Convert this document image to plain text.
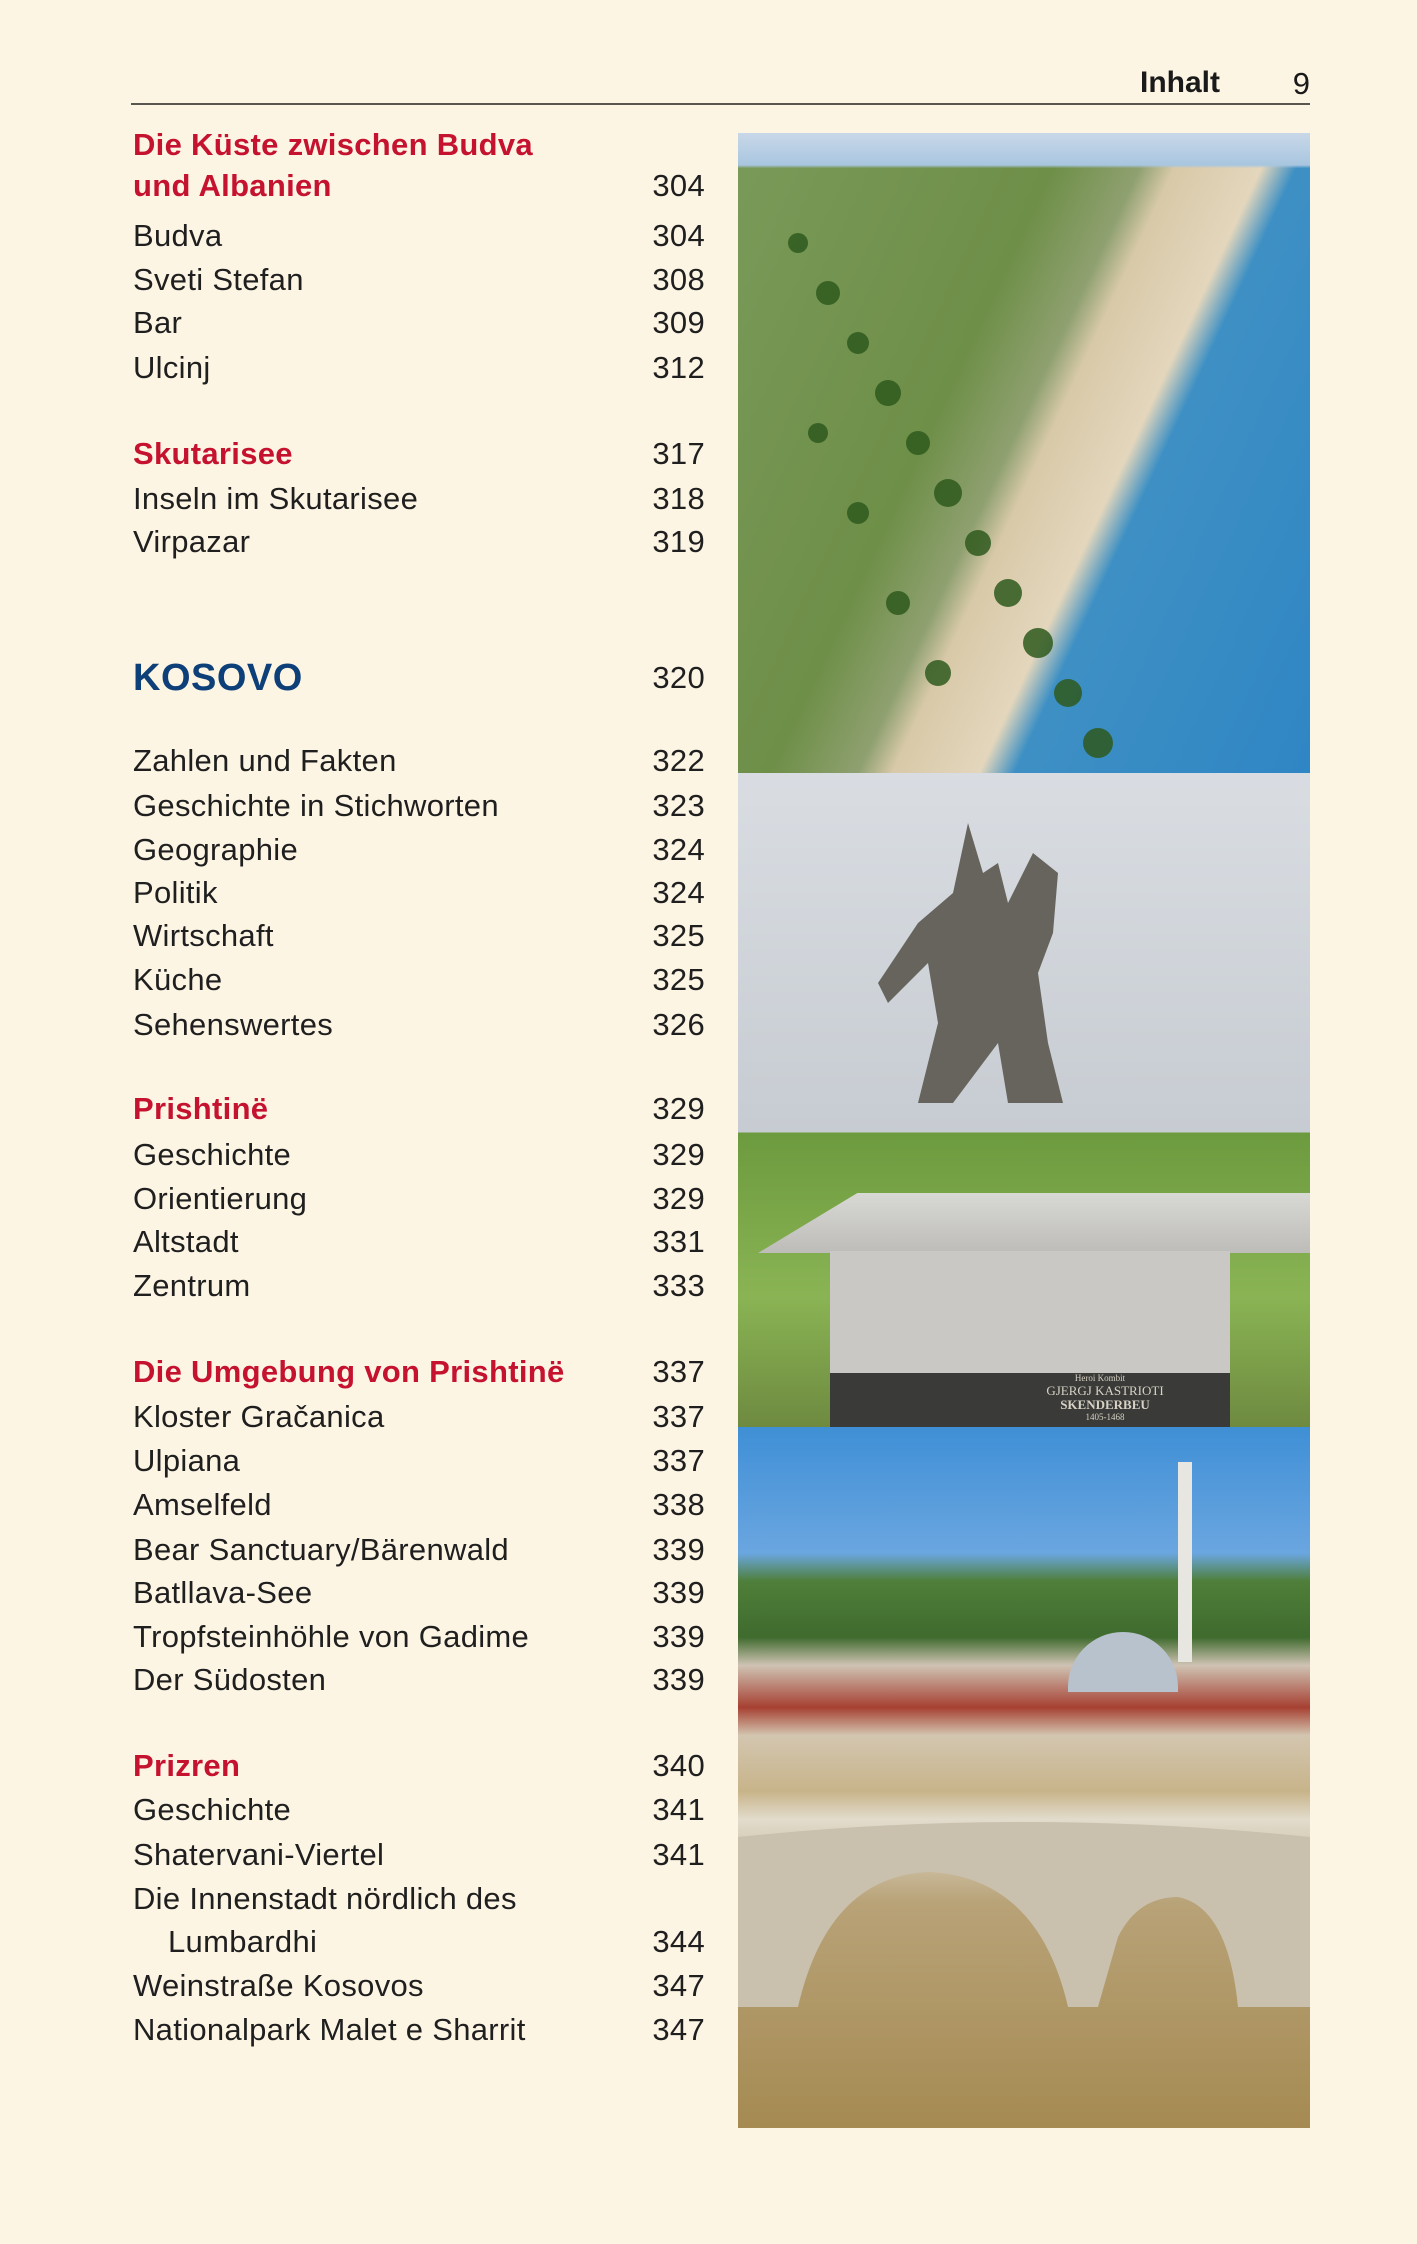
Inhalt	9
Die Küste zwischen Budva
und Albanien	304
Budva	304
Sveti Stefan	308
Bar	309
Ulcinj	312
Skutarisee	317
Inseln im Skutarisee	318
Virpazar	319
KOSOVO	320
Zahlen und Fakten	322
Geschichte in Stichworten	323
Geographie	324
Politik	324
Wirtschaft	325
Küche	325
Sehenswertes	326
Prishtinë	329
Geschichte	329
Orientierung	329
Altstadt	331
Zentrum	333
Die Umgebung von Prishtinë	337
Kloster Gračanica	337
Ulpiana	337
Amselfeld	338
Bear Sanctuary/Bärenwald	339
Batllava-See	339
Tropfsteinhöhle von Gadime	339
Der Südosten	339
Prizren	340
Geschichte	341
Shatervani-Viertel	341
Die Innenstadt nördlich des
Lumbardhi	344
Weinstraße Kosovos	347
Nationalpark Malet e Sharrit	347
Heroi Kombit
GJERGJ KASTRIOTI
SKENDERBEU
1405-1468
